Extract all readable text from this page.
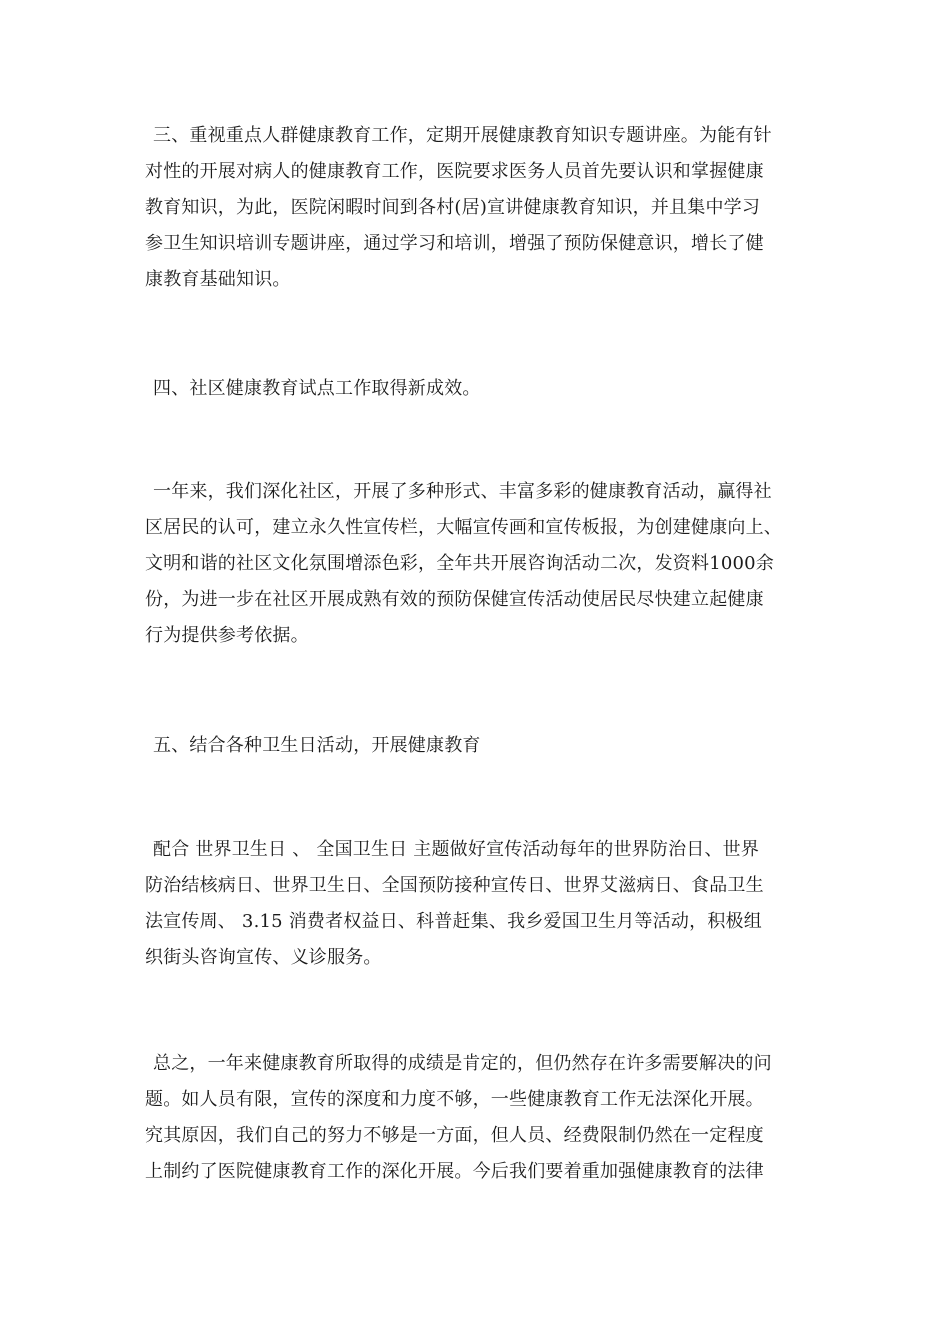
三、重视重点人群健康教育工作，定期开展健康教育知识专题讲座。为能有针
对性的开展对病人的健康教育工作，医院要求医务人员首先要认识和掌握健康
教育知识，为此，医院闲暇时间到各村(居)宣讲健康教育知识，并且集中学习
参卫生知识培训专题讲座，通过学习和培训，增强了预防保健意识，增长了健
康教育基础知识。
四、社区健康教育试点工作取得新成效。
一年来，我们深化社区，开展了多种形式、丰富多彩的健康教育活动，赢得社
区居民的认可，建立永久性宣传栏，大幅宣传画和宣传板报，为创建健康向上、
文明和谐的社区文化氛围增添色彩，全年共开展咨询活动二次，发资料1000余
份，为进一步在社区开展成熟有效的预防保健宣传活动使居民尽快建立起健康
行为提供参考依据。
五、结合各种卫生日活动，开展健康教育
配合 世界卫生日 、 全国卫生日 主题做好宣传活动每年的世界防治日、世界
防治结核病日、世界卫生日、全国预防接种宣传日、世界艾滋病日、食品卫生
法宣传周、 3.15 消费者权益日、科普赶集、我乡爱国卫生月等活动，积极组
织街头咨询宣传、义诊服务。
总之，一年来健康教育所取得的成绩是肯定的，但仍然存在许多需要解决的问
题。如人员有限，宣传的深度和力度不够，一些健康教育工作无法深化开展。
究其原因，我们自己的努力不够是一方面，但人员、经费限制仍然在一定程度
上制约了医院健康教育工作的深化开展。今后我们要着重加强健康教育的法律
